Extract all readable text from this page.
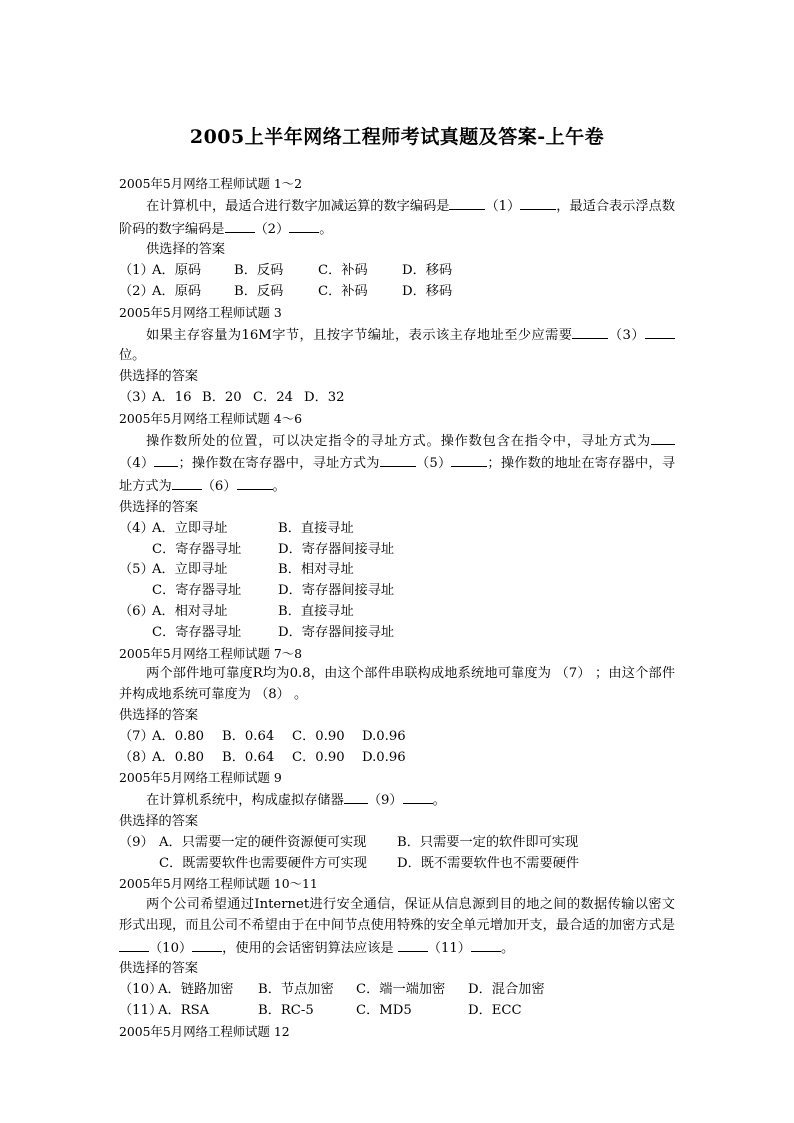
2005上半年网络工程师考试真题及答案-上午卷
2005年5月网络工程师试题 1～2
在计算机中，最适合进行数字加减运算的数字编码是	（1）	，最适合表示浮点数阶码的数字编码是 （2） 。
供选择的答案
（1）A．原码 B．反码	C．补码	D．移码
（2）A．原码 B．反码	C．补码	D．移码
2005年5月网络工程师试题 3
如果主存容量为16M字节，且按字节编址，表示该主存地址至少应需要	（3）位。
供选择的答案
（3）A．16 B．20 C．24 D．32
2005年5月网络工程师试题 4～6
操作数所处的位置，可以决定指令的寻址方式。操作数包含在指令中，寻址方式为（4） ；操作数在寄存器中，寻址方式为	（5）	；操作数的地址在寄存器中，寻址方式为 （6）	。
供选择的答案
（4）A．立即寻址	B．直接寻址
C．寄存器寻址	D．寄存器间接寻址
（5）A．立即寻址	B．相对寻址
C．寄存器寻址	D．寄存器间接寻址
（6）A．相对寻址	B．直接寻址
C．寄存器寻址	D．寄存器间接寻址
2005年5月网络工程师试题 7～8
两个部件地可靠度R均为0.8，由这个部件串联构成地系统地可靠度为 （7） ；由这个部件并构成地系统可靠度为 （8） 。
供选择的答案
（7）A．0.80 B．0.64 C．0.90 D.0.96
（8）A．0.80 B．0.64 C．0.90 D.0.96
2005年5月网络工程师试题 9
在计算机系统中，构成虚拟存储器 （9） 。
供选择的答案
（9） A．只需要一定的硬件资源便可实现 B．只需要一定的软件即可实现
C．既需要软件也需要硬件方可实现 D．既不需要软件也不需要硬件
2005年5月网络工程师试题 10～11
两个公司希望通过Internet进行安全通信，保证从信息源到目的地之间的数据传输以密文形式出现，而且公司不希望由于在中间节点使用特殊的安全单元增加开支，最合适的加密方式是（10） ，使用的会话密钥算法应该是 （11） 。
供选择的答案
（10）A．链路加密 B．节点加密 C．端一端加密 D．混合加密
（11）A．RSA	B．RC-5	C．MD5	D．ECC
2005年5月网络工程师试题 12
